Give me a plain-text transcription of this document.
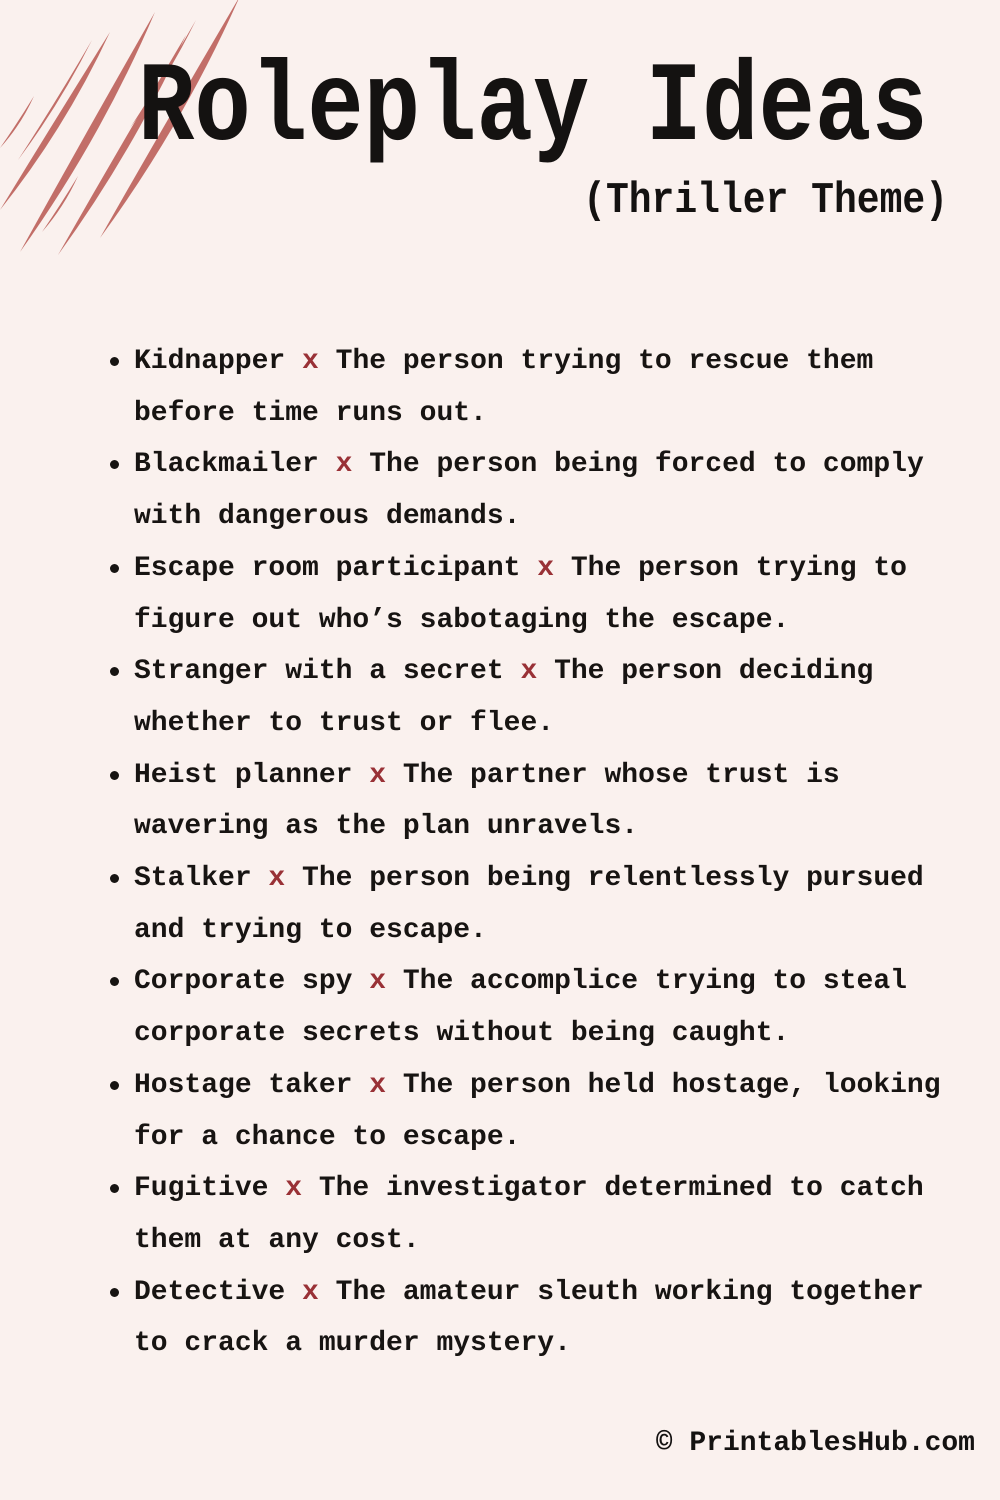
Roleplay Ideas
(Thriller Theme)
Kidnapper x The person trying to rescue them before time runs out.
Blackmailer x The person being forced to comply with dangerous demands.
Escape room participant x The person trying to figure out who’s sabotaging the escape.
Stranger with a secret x The person deciding whether to trust or flee.
Heist planner x The partner whose trust is wavering as the plan unravels.
Stalker x The person being relentlessly pursued and trying to escape.
Corporate spy x The accomplice trying to steal corporate secrets without being caught.
Hostage taker x The person held hostage, looking for a chance to escape.
Fugitive x The investigator determined to catch them at any cost.
Detective x The amateur sleuth working together to crack a murder mystery.
© PrintablesHub.com
